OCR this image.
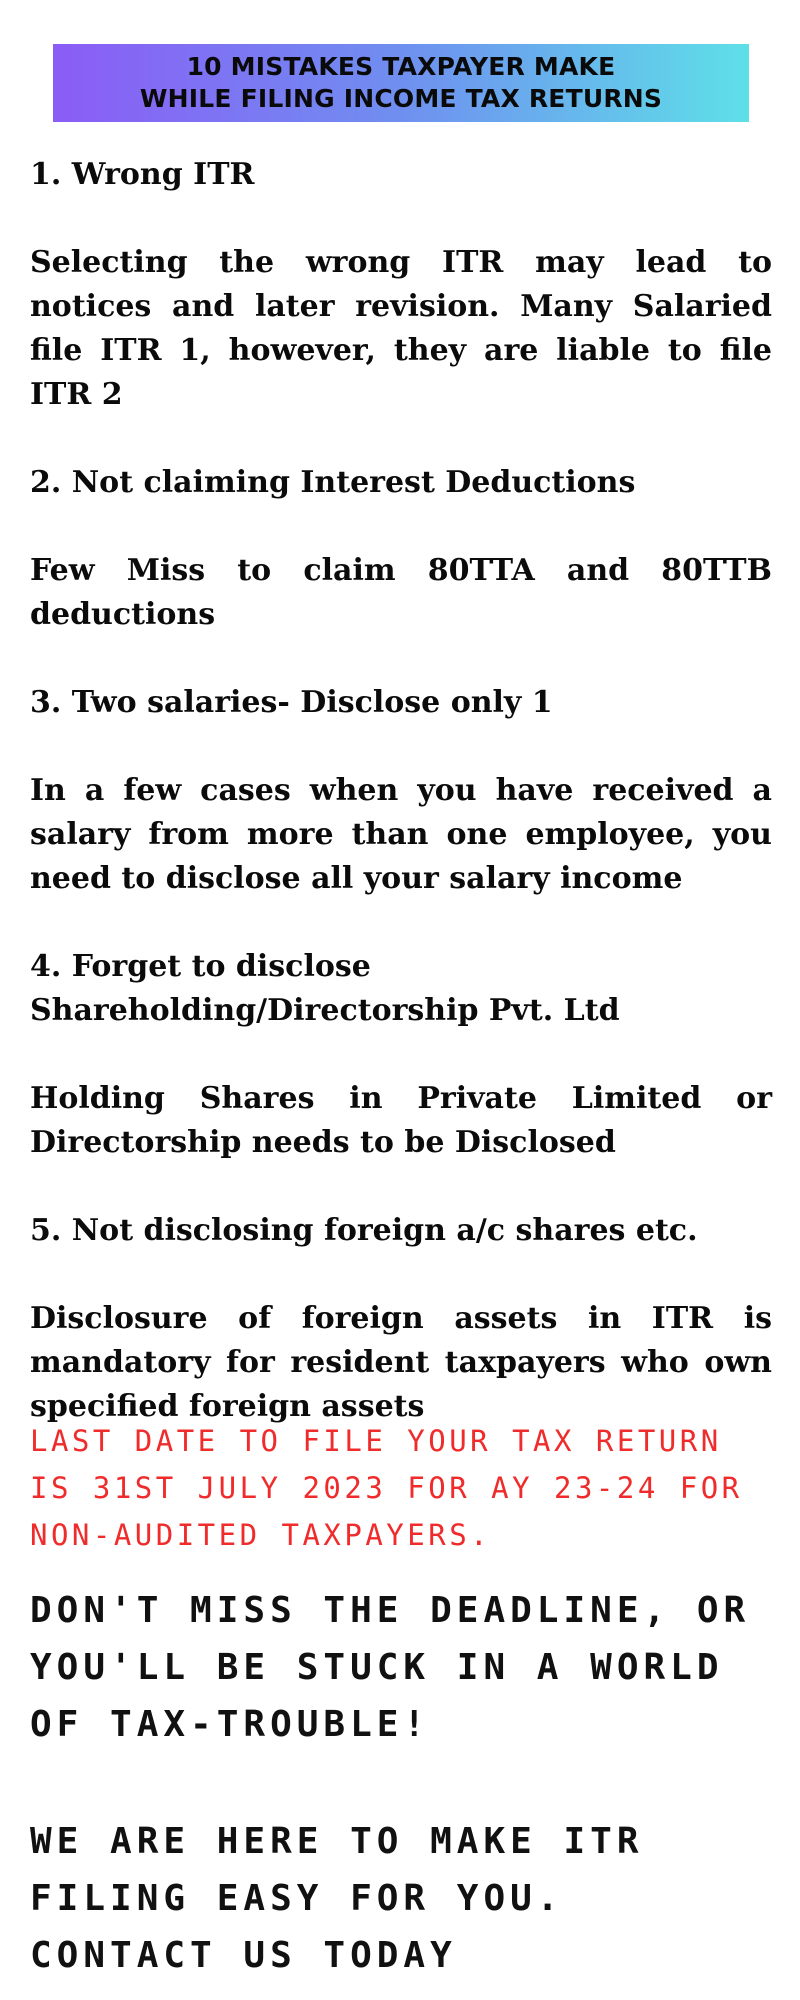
10 MISTAKES TAXPAYER MAKE
WHILE FILING INCOME TAX RETURNS

1. Wrong ITR

Selecting the wrong ITR may lead to notices and later revision. Many Salaried file ITR 1, however, they are liable to file ITR 2

2. Not claiming Interest Deductions

Few Miss to claim 80TTA and 80TTB deductions

3. Two salaries- Disclose only 1

In a few cases when you have received a salary from more than one employee, you need to disclose all your salary income

4. Forget to disclose Shareholding/Directorship Pvt. Ltd

Holding Shares in Private Limited or Directorship needs to be Disclosed

5. Not disclosing foreign a/c shares etc.

Disclosure of foreign assets in ITR is mandatory for resident taxpayers who own specified foreign assets

LAST DATE TO FILE YOUR TAX RETURN IS 31ST JULY 2023 FOR AY 23-24 FOR NON-AUDITED TAXPAYERS.

DON'T MISS THE DEADLINE, OR YOU'LL BE STUCK IN A WORLD OF TAX-TROUBLE!

WE ARE HERE TO MAKE ITR FILING EASY FOR YOU. CONTACT US TODAY
